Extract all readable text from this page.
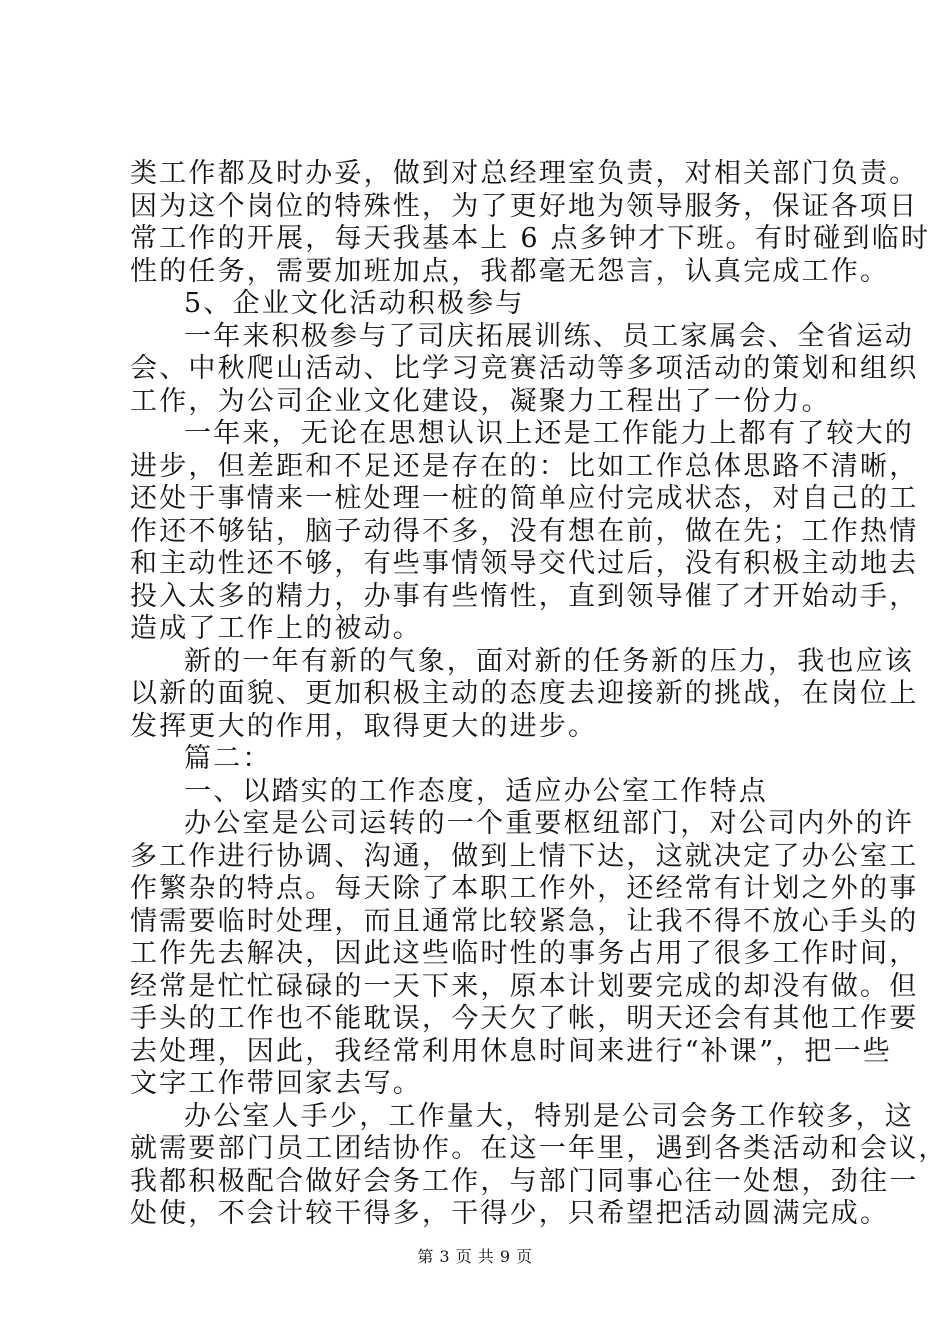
类工作都及时办妥，做到对总经理室负责，对相关部门负责。
因为这个岗位的特殊性，为了更好地为领导服务，保证各项日
常工作的开展，每天我基本上 6 点多钟才下班。有时碰到临时
性的任务，需要加班加点，我都毫无怨言，认真完成工作。
5、企业文化活动积极参与
一年来积极参与了司庆拓展训练、员工家属会、全省运动
会、中秋爬山活动、比学习竞赛活动等多项活动的策划和组织
工作，为公司企业文化建设，凝聚力工程出了一份力。
一年来，无论在思想认识上还是工作能力上都有了较大的
进步，但差距和不足还是存在的：比如工作总体思路不清晰，
还处于事情来一桩处理一桩的简单应付完成状态，对自己的工
作还不够钻，脑子动得不多，没有想在前，做在先；工作热情
和主动性还不够，有些事情领导交代过后，没有积极主动地去
投入太多的精力，办事有些惰性，直到领导催了才开始动手，
造成了工作上的被动。
新的一年有新的气象，面对新的任务新的压力，我也应该
以新的面貌、更加积极主动的态度去迎接新的挑战，在岗位上
发挥更大的作用，取得更大的进步。
篇二：
一、以踏实的工作态度，适应办公室工作特点
办公室是公司运转的一个重要枢纽部门，对公司内外的许
多工作进行协调、沟通，做到上情下达，这就决定了办公室工
作繁杂的特点。每天除了本职工作外，还经常有计划之外的事
情需要临时处理，而且通常比较紧急，让我不得不放心手头的
工作先去解决，因此这些临时性的事务占用了很多工作时间，
经常是忙忙碌碌的一天下来，原本计划要完成的却没有做。但
手头的工作也不能耽误，今天欠了帐，明天还会有其他工作要
去处理，因此，我经常利用休息时间来进行“补课”，把一些
文字工作带回家去写。
办公室人手少，工作量大，特别是公司会务工作较多，这
就需要部门员工团结协作。在这一年里，遇到各类活动和会议，
我都积极配合做好会务工作，与部门同事心往一处想，劲往一
处使，不会计较干得多，干得少，只希望把活动圆满完成。
第 3 页 共 9 页
